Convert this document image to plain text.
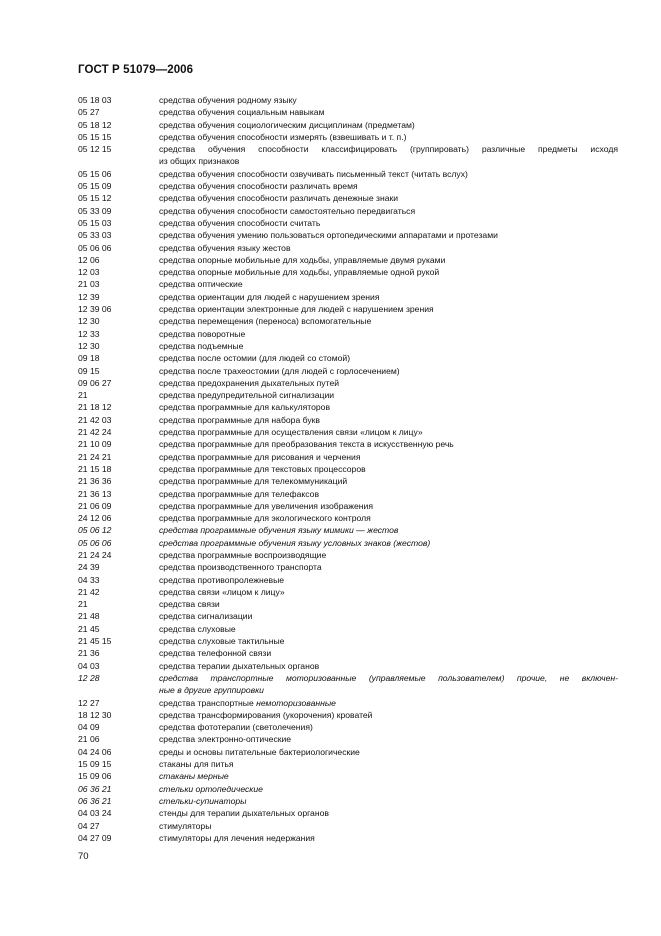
ГОСТ Р 51079—2006
05 18 03	средства обучения родному языку
05 27	средства обучения социальным навыкам
05 18 12	средства обучения социологическим дисциплинам (предметам)
05 15 15	средства обучения способности измерять (взвешивать и т. п.)
05 12 15	средства обучения способности классифицировать (группировать) различные предметы исходя
из общих признаков
05 15 06	средства обучения способности озвучивать письменный текст (читать вслух)
05 15 09	средства обучения способности различать время
05 15 12	средства обучения способности различать денежные знаки
05 33 09	средства обучения способности самостоятельно передвигаться
05 15 03	средства обучения способности считать
05 33 03	средства обучения умению пользоваться ортопедическими аппаратами и протезами
05 06 06	средства обучения языку жестов
12 06	средства опорные мобильные для ходьбы, управляемые двумя руками
12 03	средства опорные мобильные для ходьбы, управляемые одной рукой
21 03	средства оптические
12 39	средства ориентации для людей с нарушением зрения
12 39 06	средства ориентации электронные для людей с нарушением зрения
12 30	средства перемещения (переноса) вспомогательные
12 33	средства поворотные
12 30	средства подъемные
09 18	средства после остомии (для людей со стомой)
09 15	средства после трахеостомии (для людей с горлосечением)
09 06 27	средства предохранения дыхательных путей
21	средства предупредительной сигнализации
21 18 12	средства программные для калькуляторов
21 42 03	средства программные для набора букв
21 42 24	средства программные для осуществления связи «лицом к лицу»
21 10 09	средства программные для преобразования текста в искусственную речь
21 24 21	средства программные для рисования и черчения
21 15 18	средства программные для текстовых процессоров
21 36 36	средства программные для телекоммуникаций
21 36 13	средства программные для телефаксов
21 06 09	средства программные для увеличения изображения
24 12 06	средства программные для экологического контроля
05 06 12	средства программные обучения языку мимики — жестов
05 06 06	средства программные обучения языку условных знаков (жестов)
21 24 24	средства программные воспроизводящие
24 39	средства производственного транспорта
04 33	средства противопролежневые
21 42	средства связи «лицом к лицу»
21	средства связи
21 48	средства сигнализации
21 45	средства слуховые
21 45 15	средства слуховые тактильные
21 36	средства телефонной связи
04 03	средства терапии дыхательных органов
12 28	средства транспортные моторизованные (управляемые пользователем) прочие, не включен-
ные в другие группировки
12 27	средства транспортные немоторизованные
18 12 30	средства трансформирования (укорочения) кроватей
04 09	средства фототерапии (светолечения)
21 06	средства электронно-оптические
04 24 06	среды и основы питательные бактериологические
15 09 15	стаканы для питья
15 09 06	стаканы мерные
06 36 21	стельки ортопедические
06 36 21	стельки-супинаторы
04 03 24	стенды для терапии дыхательных органов
04 27	стимуляторы
04 27 09	стимуляторы для лечения недержания
70
